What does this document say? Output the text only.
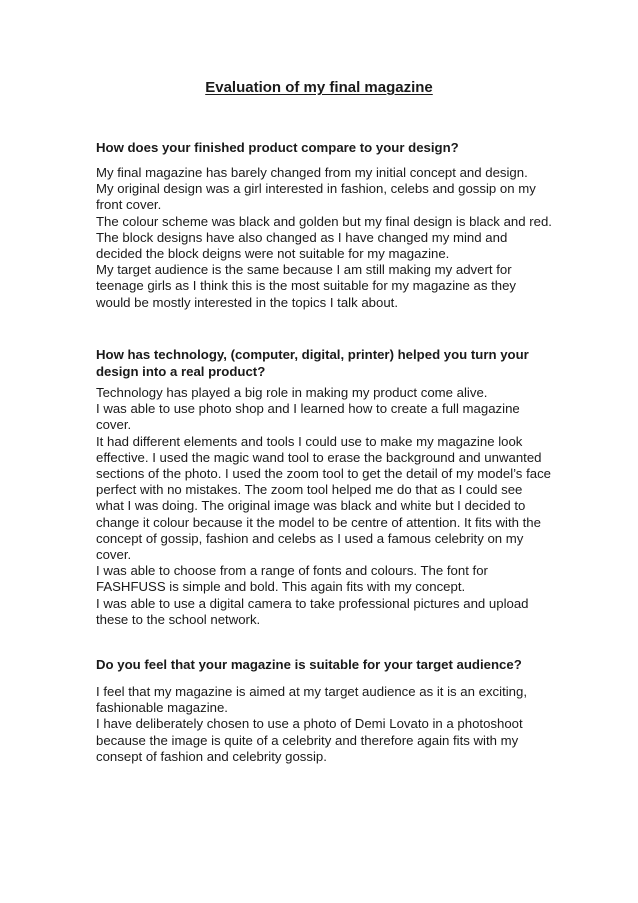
Evaluation of my final magazine

How does your finished product compare to your design?

My final magazine has barely changed from my initial concept and design.
My original design was a girl interested in fashion, celebs and gossip on my
front cover.
The colour scheme was black and golden but my final design is black and red.
The block designs have also changed as I have changed my mind and
decided the block deigns were not suitable for my magazine.
My target audience is the same because I am still making my advert for
teenage girls as I think this is the most suitable for my magazine as they
would be mostly interested in the topics I talk about.

How has technology, (computer, digital, printer) helped you turn your
design into a real product?

Technology has played a big role in making my product come alive.
I was able to use photo shop and I learned how to create a full magazine
cover.
It had different elements and tools I could use to make my magazine look
effective. I used the magic wand tool to erase the background and unwanted
sections of the photo. I used the zoom tool to get the detail of my model’s face
perfect with no mistakes. The zoom tool helped me do that as I could see
what I was doing. The original image was black and white but I decided to
change it colour because it the model to be centre of attention. It fits with the
concept of gossip, fashion and celebs as I used a famous celebrity on my
cover.
I was able to choose from a range of fonts and colours. The font for
FASHFUSS is simple and bold. This again fits with my concept.
I was able to use a digital camera to take professional pictures and upload
these to the school network.

Do you feel that your magazine is suitable for your target audience?

I feel that my magazine is aimed at my target audience as it is an exciting,
fashionable magazine.
I have deliberately chosen to use a photo of Demi Lovato in a photoshoot
because the image is quite of a celebrity and therefore again fits with my
consept of fashion and celebrity gossip.
